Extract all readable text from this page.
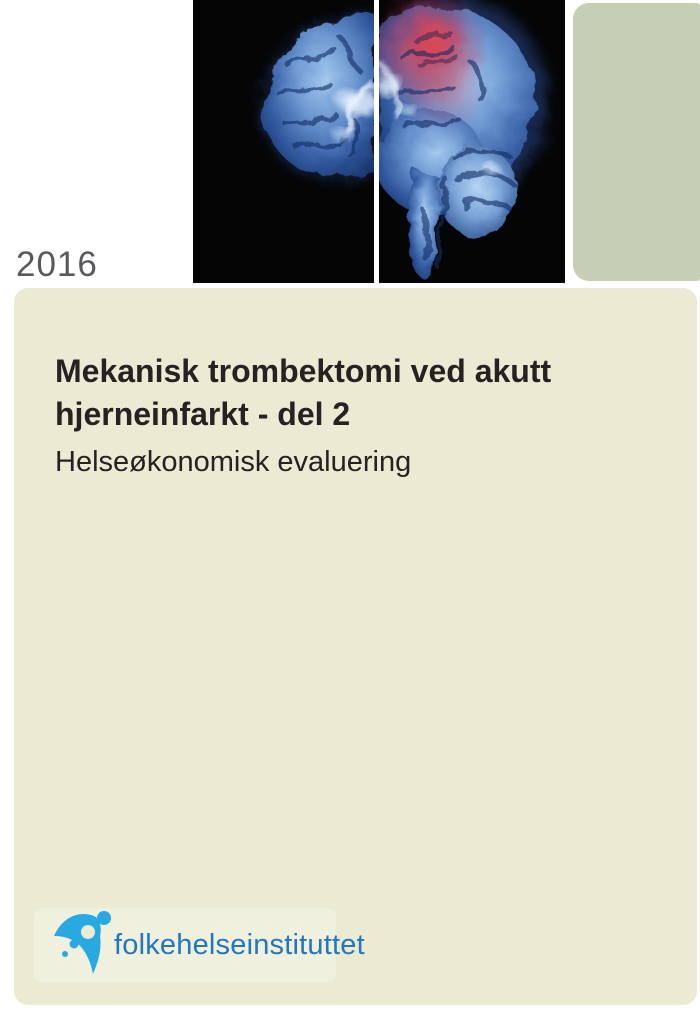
2016
Mekanisk trombektomi ved akutt hjerneinfarkt - del 2
Helseøkonomisk evaluering
folkehelseinstituttet
